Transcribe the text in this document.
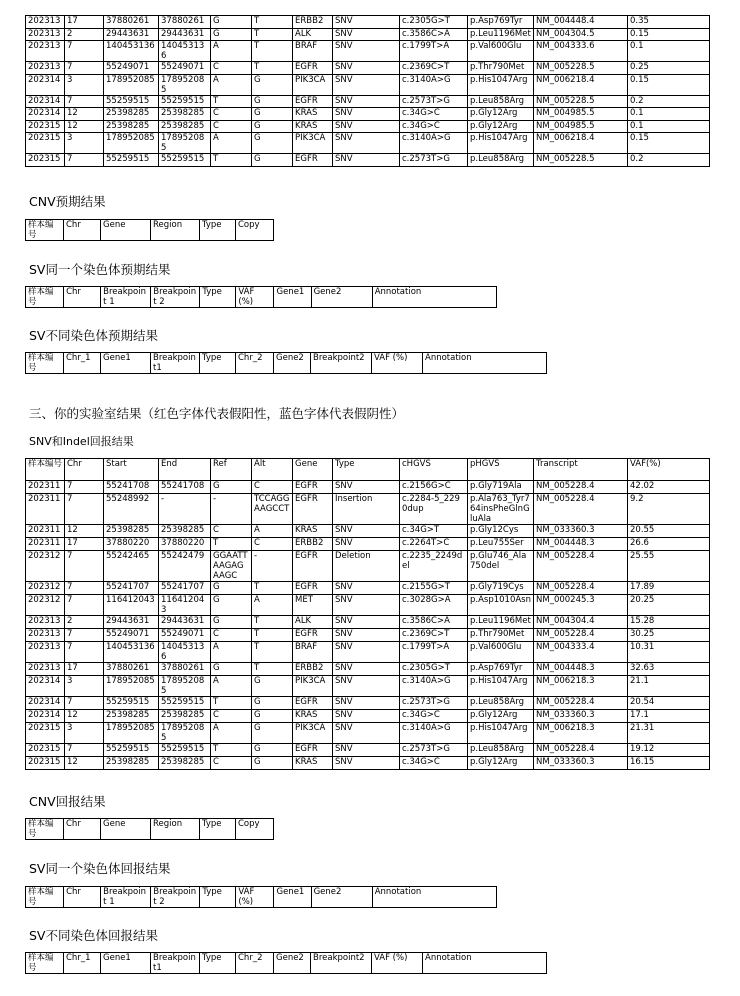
202313	17	37880261	37880261	G	T	ERBB2	SNV	c.2305G>T	p.Asp769Tyr	NM_004448.4	0.35
202313	2	29443631	29443631	G	T	ALK	SNV	c.3586C>A	p.Leu1196Met	NM_004304.5	0.15
202313	7	140453136	140453136	A	T	BRAF	SNV	c.1799T>A	p.Val600Glu	NM_004333.6	0.1
202313	7	55249071	55249071	C	T	EGFR	SNV	c.2369C>T	p.Thr790Met	NM_005228.5	0.25
202314	3	178952085	178952085	A	G	PIK3CA	SNV	c.3140A>G	p.His1047Arg	NM_006218.4	0.15
202314	7	55259515	55259515	T	G	EGFR	SNV	c.2573T>G	p.Leu858Arg	NM_005228.5	0.2
202314	12	25398285	25398285	C	G	KRAS	SNV	c.34G>C	p.Gly12Arg	NM_004985.5	0.1
202315	12	25398285	25398285	C	G	KRAS	SNV	c.34G>C	p.Gly12Arg	NM_004985.5	0.1
202315	3	178952085	178952085	A	G	PIK3CA	SNV	c.3140A>G	p.His1047Arg	NM_006218.4	0.15
202315	7	55259515	55259515	T	G	EGFR	SNV	c.2573T>G	p.Leu858Arg	NM_005228.5	0.2
CNV预期结果
样本编号	Chr	Gene	Region	Type	Copy
SV同一个染色体预期结果
样本编号	Chr	Breakpoint 1	Breakpoint 2	Type	VAF (%)	Gene1	Gene2	Annotation
SV不同染色体预期结果
样本编号	Chr_1	Gene1	Breakpoint1	Type	Chr_2	Gene2	Breakpoint2	VAF (%)	Annotation
三、你的实验室结果（红色字体代表假阳性，蓝色字体代表假阴性）
SNV和Indel回报结果
样本编号	Chr	Start	End	Ref	Alt	Gene	Type	cHGVS	pHGVS	Transcript	VAF(%)
202311	7	55241708	55241708	G	C	EGFR	SNV	c.2156G>C	p.Gly719Ala	NM_005228.4	42.02
202311	7	55248992	-	-	TCCAGGAAGCCT	EGFR	Insertion	c.2284-5_2290dup	p.Ala763_Tyr764insPheGlnGluAla	NM_005228.4	9.2
202311	12	25398285	25398285	C	A	KRAS	SNV	c.34G>T	p.Gly12Cys	NM_033360.3	20.55
202311	17	37880220	37880220	T	C	ERBB2	SNV	c.2264T>C	p.Leu755Ser	NM_004448.3	26.6
202312	7	55242465	55242479	GGAATTAAGAGAAGC	-	EGFR	Deletion	c.2235_2249del	p.Glu746_Ala750del	NM_005228.4	25.55
202312	7	55241707	55241707	G	T	EGFR	SNV	c.2155G>T	p.Gly719Cys	NM_005228.4	17.89
202312	7	116412043	116412043	G	A	MET	SNV	c.3028G>A	p.Asp1010Asn	NM_000245.3	20.25
202313	2	29443631	29443631	G	T	ALK	SNV	c.3586C>A	p.Leu1196Met	NM_004304.4	15.28
202313	7	55249071	55249071	C	T	EGFR	SNV	c.2369C>T	p.Thr790Met	NM_005228.4	30.25
202313	7	140453136	140453136	A	T	BRAF	SNV	c.1799T>A	p.Val600Glu	NM_004333.4	10.31
202313	17	37880261	37880261	G	T	ERBB2	SNV	c.2305G>T	p.Asp769Tyr	NM_004448.3	32.63
202314	3	178952085	178952085	A	G	PIK3CA	SNV	c.3140A>G	p.His1047Arg	NM_006218.3	21.1
202314	7	55259515	55259515	T	G	EGFR	SNV	c.2573T>G	p.Leu858Arg	NM_005228.4	20.54
202314	12	25398285	25398285	C	G	KRAS	SNV	c.34G>C	p.Gly12Arg	NM_033360.3	17.1
202315	3	178952085	178952085	A	G	PIK3CA	SNV	c.3140A>G	p.His1047Arg	NM_006218.3	21.31
202315	7	55259515	55259515	T	G	EGFR	SNV	c.2573T>G	p.Leu858Arg	NM_005228.4	19.12
202315	12	25398285	25398285	C	G	KRAS	SNV	c.34G>C	p.Gly12Arg	NM_033360.3	16.15
CNV回报结果
样本编号	Chr	Gene	Region	Type	Copy
SV同一个染色体回报结果
样本编号	Chr	Breakpoint 1	Breakpoint 2	Type	VAF (%)	Gene1	Gene2	Annotation
SV不同染色体回报结果
样本编号	Chr_1	Gene1	Breakpoint1	Type	Chr_2	Gene2	Breakpoint2	VAF (%)	Annotation
